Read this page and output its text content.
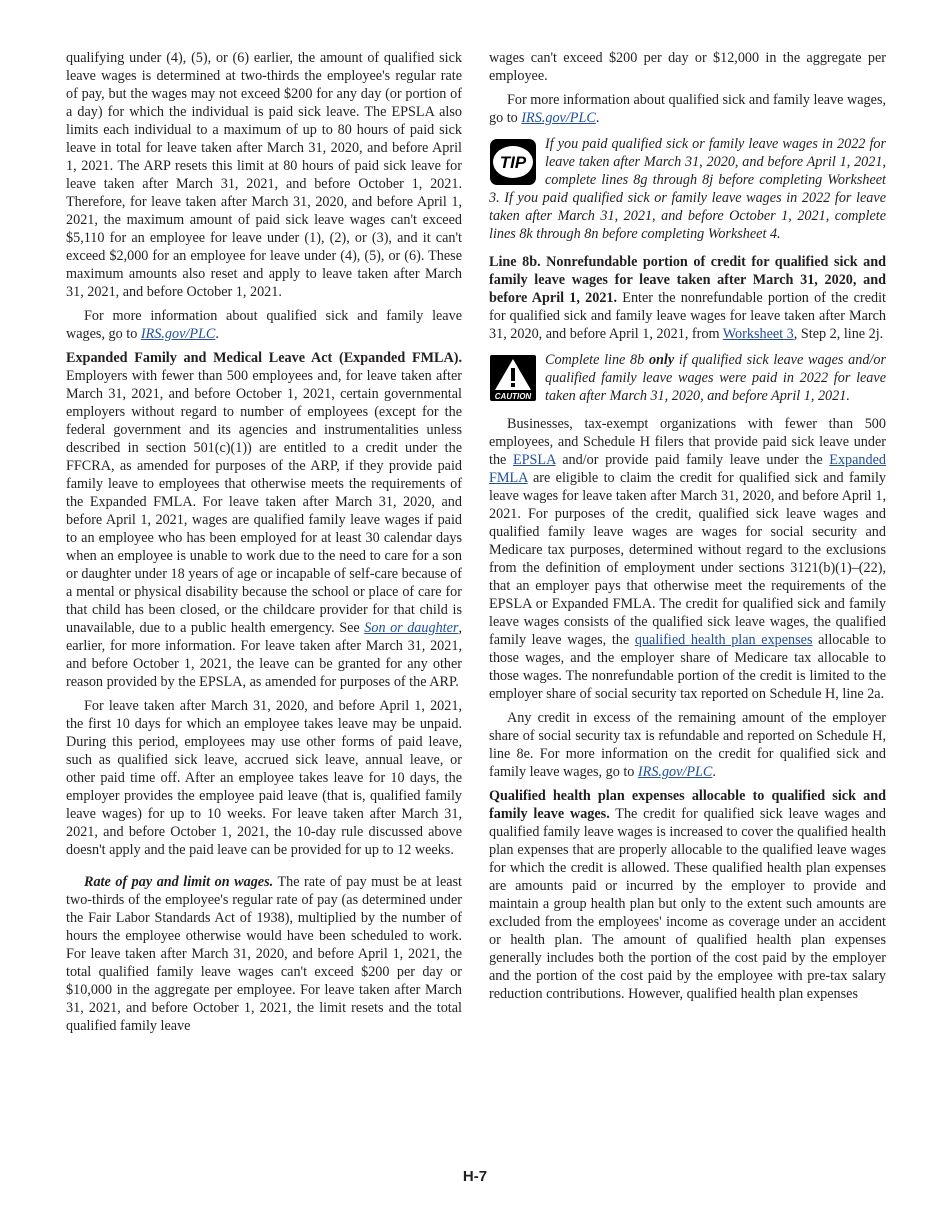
qualifying under (4), (5), or (6) earlier, the amount of qualified sick leave wages is determined at two-thirds the employee's regular rate of pay, but the wages may not exceed $200 for any day (or portion of a day) for which the individual is paid sick leave. The EPSLA also limits each individual to a maximum of up to 80 hours of paid sick leave in total for leave taken after March 31, 2020, and before April 1, 2021. The ARP resets this limit at 80 hours of paid sick leave for leave taken after March 31, 2021, and before October 1, 2021. Therefore, for leave taken after March 31, 2020, and before April 1, 2021, the maximum amount of paid sick leave wages can't exceed $5,110 for an employee for leave under (1), (2), or (3), and it can't exceed $2,000 for an employee for leave under (4), (5), or (6). These maximum amounts also reset and apply to leave taken after March 31, 2021, and before October 1, 2021.

For more information about qualified sick and family leave wages, go to IRS.gov/PLC.

Expanded Family and Medical Leave Act (Expanded FMLA). Employers with fewer than 500 employees and, for leave taken after March 31, 2021, and before October 1, 2021, certain governmental employers without regard to number of employees (except for the federal government and its agencies and instrumentalities unless described in section 501(c)(1)) are entitled to a credit under the FFCRA, as amended for purposes of the ARP, if they provide paid family leave to employees that otherwise meets the requirements of the Expanded FMLA. For leave taken after March 31, 2020, and before April 1, 2021, wages are qualified family leave wages if paid to an employee who has been employed for at least 30 calendar days when an employee is unable to work due to the need to care for a son or daughter under 18 years of age or incapable of self-care because of a mental or physical disability because the school or place of care for that child has been closed, or the childcare provider for that child is unavailable, due to a public health emergency. See Son or daughter, earlier, for more information. For leave taken after March 31, 2021, and before October 1, 2021, the leave can be granted for any other reason provided by the EPSLA, as amended for purposes of the ARP.

For leave taken after March 31, 2020, and before April 1, 2021, the first 10 days for which an employee takes leave may be unpaid. During this period, employees may use other forms of paid leave, such as qualified sick leave, accrued sick leave, annual leave, or other paid time off. After an employee takes leave for 10 days, the employer provides the employee paid leave (that is, qualified family leave wages) for up to 10 weeks. For leave taken after March 31, 2021, and before October 1, 2021, the 10-day rule discussed above doesn't apply and the paid leave can be provided for up to 12 weeks.

Rate of pay and limit on wages. The rate of pay must be at least two-thirds of the employee's regular rate of pay (as determined under the Fair Labor Standards Act of 1938), multiplied by the number of hours the employee otherwise would have been scheduled to work. For leave taken after March 31, 2020, and before April 1, 2021, the total qualified family leave wages can't exceed $200 per day or $10,000 in the aggregate per employee. For leave taken after March 31, 2021, and before October 1, 2021, the limit resets and the total qualified family leave

wages can't exceed $200 per day or $12,000 in the aggregate per employee.

For more information about qualified sick and family leave wages, go to IRS.gov/PLC.

TIP
If you paid qualified sick or family leave wages in 2022 for leave taken after March 31, 2020, and before April 1, 2021, complete lines 8g through 8j before completing Worksheet 3. If you paid qualified sick or family leave wages in 2022 for leave taken after March 31, 2021, and before October 1, 2021, complete lines 8k through 8n before completing Worksheet 4.

Line 8b. Nonrefundable portion of credit for qualified sick and family leave wages for leave taken after March 31, 2020, and before April 1, 2021. Enter the nonrefundable portion of the credit for qualified sick and family leave wages for leave taken after March 31, 2020, and before April 1, 2021, from Worksheet 3, Step 2, line 2j.

CAUTION
Complete line 8b only if qualified sick leave wages and/or qualified family leave wages were paid in 2022 for leave taken after March 31, 2020, and before April 1, 2021.

Businesses, tax-exempt organizations with fewer than 500 employees, and Schedule H filers that provide paid sick leave under the EPSLA and/or provide paid family leave under the Expanded FMLA are eligible to claim the credit for qualified sick and family leave wages for leave taken after March 31, 2020, and before April 1, 2021. For purposes of the credit, qualified sick leave wages and qualified family leave wages are wages for social security and Medicare tax purposes, determined without regard to the exclusions from the definition of employment under sections 3121(b)(1)–(22), that an employer pays that otherwise meet the requirements of the EPSLA or Expanded FMLA. The credit for qualified sick and family leave wages consists of the qualified sick leave wages, the qualified family leave wages, the qualified health plan expenses allocable to those wages, and the employer share of Medicare tax allocable to those wages. The nonrefundable portion of the credit is limited to the employer share of social security tax reported on Schedule H, line 2a.

Any credit in excess of the remaining amount of the employer share of social security tax is refundable and reported on Schedule H, line 8e. For more information on the credit for qualified sick and family leave wages, go to IRS.gov/PLC.

Qualified health plan expenses allocable to qualified sick and family leave wages. The credit for qualified sick leave wages and qualified family leave wages is increased to cover the qualified health plan expenses that are properly allocable to the qualified leave wages for which the credit is allowed. These qualified health plan expenses are amounts paid or incurred by the employer to provide and maintain a group health plan but only to the extent such amounts are excluded from the employees' income as coverage under an accident or health plan. The amount of qualified health plan expenses generally includes both the portion of the cost paid by the employer and the portion of the cost paid by the employee with pre-tax salary reduction contributions. However, qualified health plan expenses

H-7
